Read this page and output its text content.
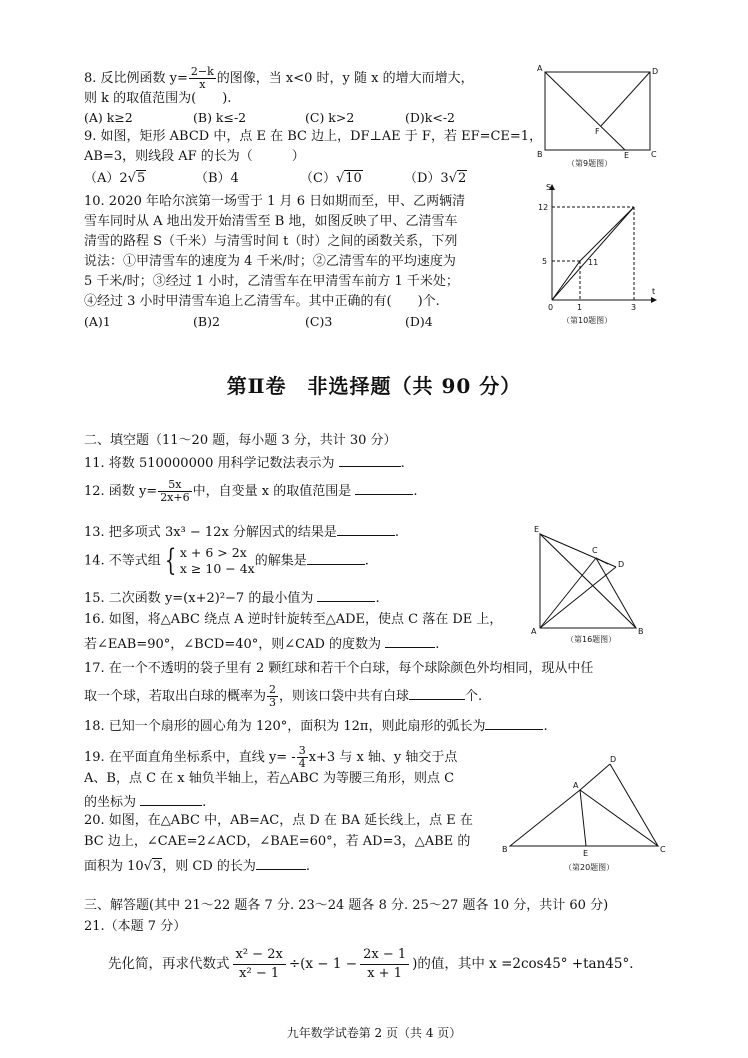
8. 反比例函数 $y= \frac{2-k}{x}$ 的图像，当 x<0 时，y 随 x 的增大而增大，
则 k 的取值范围为(　　).
(A) k≥2	(B) k≤-2	(C) k>2	(D)k<-2
9. 如图，矩形 ABCD 中，点 E 在 BC 边上，DF⊥AE 于 F，若 EF=CE=1，
AB=3，则线段 AF 的长为（　　　）
（A）2√5	（B）4	（C）√10	（D）3√2
10. 2020 年哈尔滨第一场雪于 1 月 6 日如期而至，甲、乙两辆清
雪车同时从 A 地出发开始清雪至 B 地，如图反映了甲、乙清雪车
清雪的路程 S（千米）与清雪时间 t（时）之间的函数关系，下列
说法：①甲清雪车的速度为 4 千米/时；②乙清雪车的平均速度为
5 千米/时；③经过 1 小时，乙清雪车在甲清雪车前方 1 千米处；
④经过 3 小时甲清雪车追上乙清雪车。其中正确的有(　　)个.
(A)1	(B)2	(C)3	(D)4
A	D
B	C
E
F
（第9题图）
S
t
12
5
0	1	3
11
（第10题图）
第Ⅱ卷　非选择题（共 90 分）
二、填空题（11～20 题，每小题 3 分，共计 30 分）
11. 将数 510000000 用科学记数法表示为	.
12. 函数 $y= \frac{5x}{2x+6}$ 中，自变量 x 的取值范围是	.
13. 把多项式 3x³ − 12x 分解因式的结果是	.
14. 不等式组 { x + 6 > 2x
x ≥ 10 − 4x 的解集是	.
15. 二次函数 y=(x+2)²−7 的最小值为	.
16. 如图，将△ABC 绕点 A 逆时针旋转至△ADE，使点 C 落在 DE 上，
若∠EAB=90°，∠BCD=40°，则∠CAD 的度数为	.
17. 在一个不透明的袋子里有 2 颗红球和若干个白球，每个球除颜色外均相同，现从中任
取一个球，若取出白球的概率为 $\frac{2}{3}$ ，则该口袋中共有白球	个.
18. 已知一个扇形的圆心角为 120°，面积为 12π，则此扇形的弧长为	.
19. 在平面直角坐标系中，直线 $y= - \frac{3}{4} x+3$ 与 x 轴、y 轴交于点
A、B，点 C 在 x 轴负半轴上，若△ABC 为等腰三角形，则点 C
的坐标为	.
20. 如图，在△ABC 中，AB=AC，点 D 在 BA 延长线上，点 E 在
BC 边上，∠CAE=2∠ACD，∠BAE=60°，若 AD=3，△ABE 的
面积为 10√3，则 CD 的长为	.
E
C
D
A	B
（第16题图）
D
A
B	E	C
（第20题图）
三、解答题(其中 21～22 题各 7 分. 23～24 题各 8 分. 25～27 题各 10 分，共计 60 分)
21.（本题 7 分）
先化简，再求代数式 $\frac{\text{x² − 2x}}{\text{x² − 1}} \div(x - 1 - \frac{2x - 1}{x + 1}$ )的值，其中 x =2cos45° +tan45°．
九年数学试卷第 2 页（共 4 页）
